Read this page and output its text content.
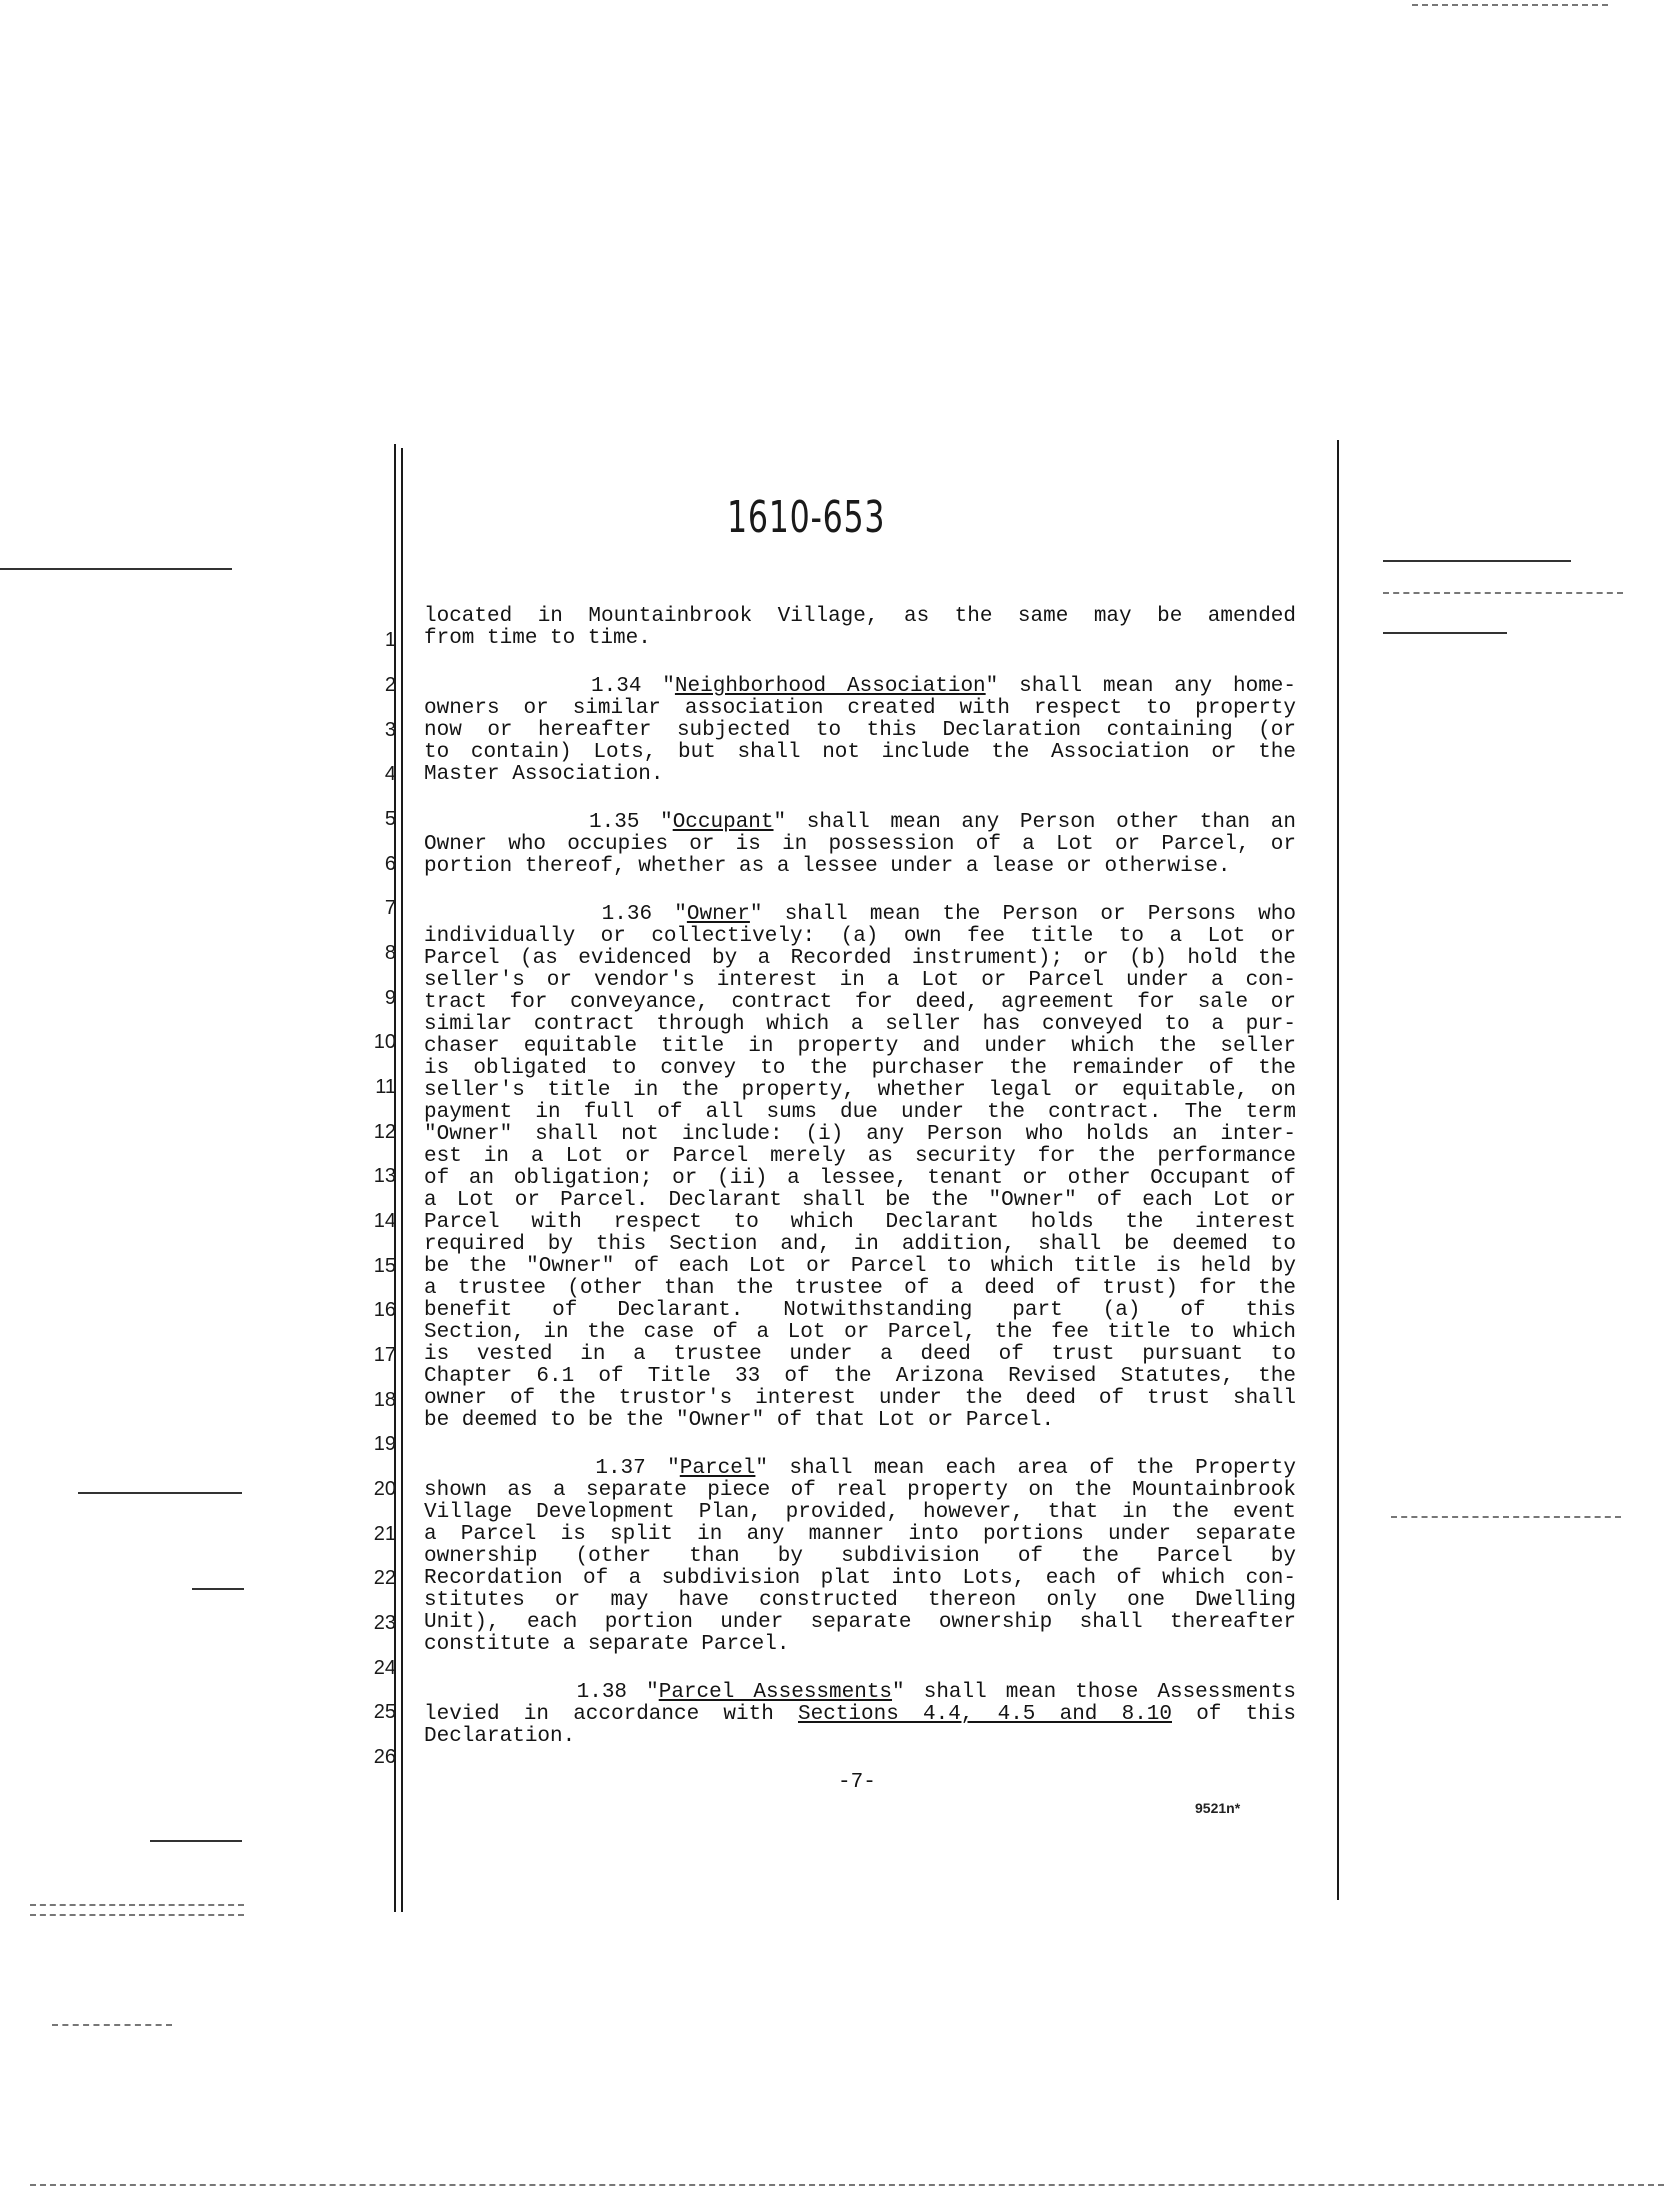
1610-653
1
2
3
4
5
6
7
8
9
10
11
12
13
14
15
16
17
18
19
20
21
22
23
24
25
26
located in Mountainbrook Village, as the same may be amended
from time to time.
1.34 "Neighborhood Association" shall mean any home-
owners or similar association created with respect to property
now or hereafter subjected to this Declaration containing (or
to contain) Lots, but shall not include the Association or the
Master Association.
1.35 "Occupant" shall mean any Person other than an
Owner who occupies or is in possession of a Lot or Parcel, or
portion thereof, whether as a lessee under a lease or otherwise.
1.36 "Owner" shall mean the Person or Persons who
individually or collectively: (a) own fee title to a Lot or
Parcel (as evidenced by a Recorded instrument); or (b) hold the
seller's or vendor's interest in a Lot or Parcel under a con-
tract for conveyance, contract for deed, agreement for sale or
similar contract through which a seller has conveyed to a pur-
chaser equitable title in property and under which the seller
is obligated to convey to the purchaser the remainder of the
seller's title in the property, whether legal or equitable, on
payment in full of all sums due under the contract. The term
"Owner" shall not include: (i) any Person who holds an inter-
est in a Lot or Parcel merely as security for the performance
of an obligation; or (ii) a lessee, tenant or other Occupant of
a Lot or Parcel. Declarant shall be the "Owner" of each Lot or
Parcel with respect to which Declarant holds the interest
required by this Section and, in addition, shall be deemed to
be the "Owner" of each Lot or Parcel to which title is held by
a trustee (other than the trustee of a deed of trust) for the
benefit of Declarant. Notwithstanding part (a) of this
Section, in the case of a Lot or Parcel, the fee title to which
is vested in a trustee under a deed of trust pursuant to
Chapter 6.1 of Title 33 of the Arizona Revised Statutes, the
owner of the trustor's interest under the deed of trust shall
be deemed to be the "Owner" of that Lot or Parcel.
1.37 "Parcel" shall mean each area of the Property
shown as a separate piece of real property on the Mountainbrook
Village Development Plan, provided, however, that in the event
a Parcel is split in any manner into portions under separate
ownership (other than by subdivision of the Parcel by
Recordation of a subdivision plat into Lots, each of which con-
stitutes or may have constructed thereon only one Dwelling
Unit), each portion under separate ownership shall thereafter
constitute a separate Parcel.
1.38 "Parcel Assessments" shall mean those Assessments
levied in accordance with Sections 4.4, 4.5 and 8.10 of this
Declaration.
-7-
9521n*
